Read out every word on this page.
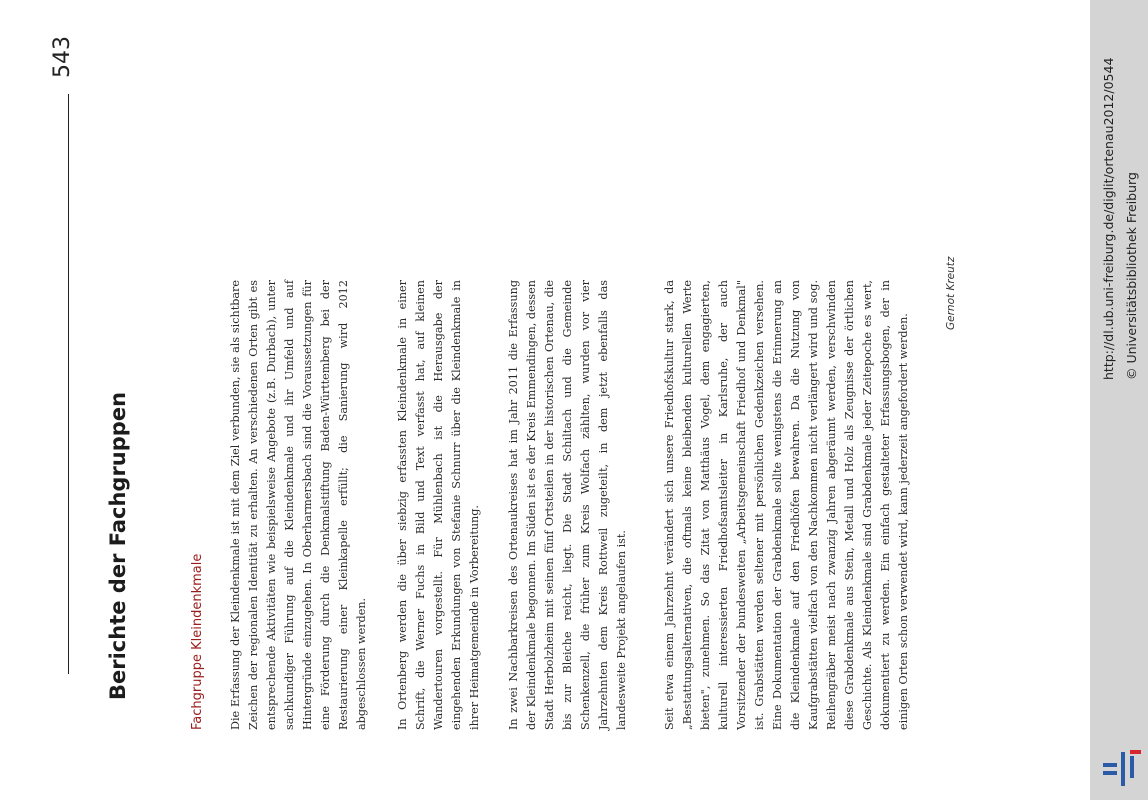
543
Berichte der Fachgruppen	Fachgruppe Kleindenkmale Die Erfassung der Kleindenkmale ist mit dem Ziel verbunden, sie als sichtbare Zeichen der regionalen Identität zu erhalten. An verschiedenen Orten gibt es entsprechende Aktivitäten wie beispielsweise Angebote (z.B. Durbach), unter sachkundiger Führung auf die Kleindenkmale und ihr Umfeld und auf Hintergründe einzugehen. In Oberharmersbach sind die Voraussetzungen für eine Förderung durch die Denkmalstiftung Baden-Württemberg bei der Restaurierung einer Kleinkapelle erfüllt; die Sanierung wird 2012 abgeschlossen werden.	In Ortenberg werden die über siebzig erfassten Kleindenkmale in einer Schrift, die Werner Fuchs in Bild und Text verfasst hat, auf kleinen Wandertouren vorgestellt. Für Mühlenbach ist die Herausgabe der eingehenden Erkundungen von Stefanie Schnurr über die Kleindenkmale in ihrer Heimatgemeinde in Vorbereitung. In zwei Nachbarkreisen des Ortenaukreises hat im Jahr 2011 die Erfassung der Kleindenkmale begonnen. Im Süden ist es der Kreis Emmendingen, dessen Stadt Herbolzheim mit seinen fünf Ortsteilen in der historischen Ortenau, die bis zur Bleiche reicht, liegt. Die Stadt Schiltach und die Gemeinde Schenkenzell, die früher zum Kreis Wolfach zählten, wurden vor vier Jahrzehnten dem Kreis Rottweil zugeteilt, in dem jetzt ebenfalls das landesweite Projekt angelaufen ist.	Seit etwa einem Jahrzehnt verändert sich unsere Friedhofskultur stark, da „Bestattungsalternativen, die oftmals keine bleibenden kulturellen Werte bieten", zunehmen. So das Zitat von Matthäus Vogel, dem engagierten, kulturell interessierten Friedhofsamtsleiter in Karlsruhe, der auch Vorsitzender der bundesweiten „Arbeitsgemeinschaft Friedhof und Denkmal" ist. Grabstätten werden seltener mit persönlichen Gedenkzeichen versehen. Eine Dokumentation der Grabdenkmale sollte wenigstens die Erinnerung an die Kleindenkmale auf den Friedhöfen bewahren. Da die Nutzung von Kaufgrabstätten vielfach von den Nachkommen nicht verlängert wird und sog. Reihengräber meist nach zwanzig Jahren abgeräumt werden, verschwinden diese Grabdenkmale aus Stein, Metall und Holz als Zeugnisse der örtlichen Geschichte. Als Kleindenkmale sind Grabdenkmale jeder Zeitepoche es wert, dokumentiert zu werden. Ein einfach gestalteter Erfassungsbogen, der in einigen Orten schon verwendet wird, kann jederzeit angefordert werden.

Gernot Kreutz	http://dl.ub.uni-freiburg.de/diglit/ortenau2012/0544 © Universitätsbibliothek Freiburg
